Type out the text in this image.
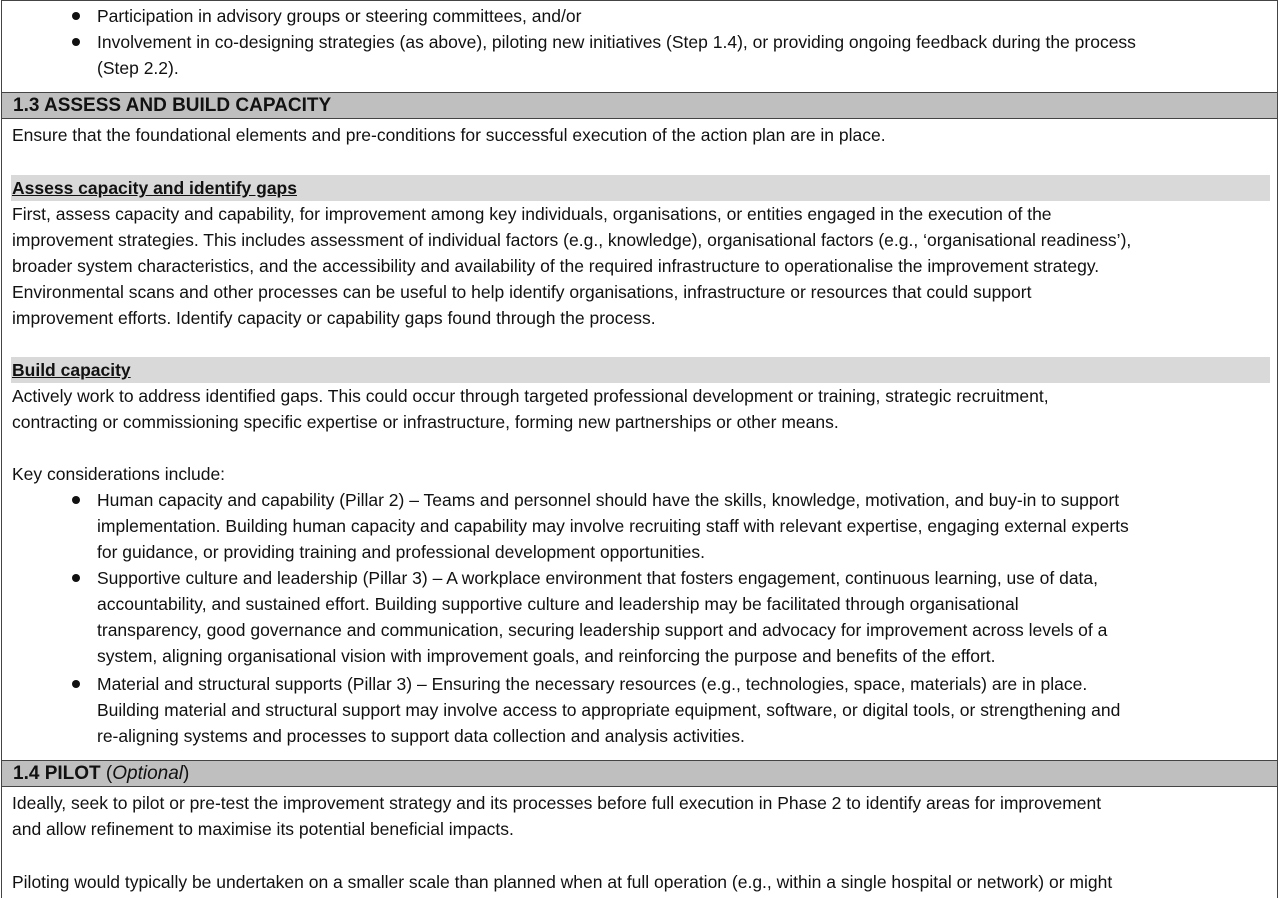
Participation in advisory groups or steering committees, and/or
Involvement in co-designing strategies (as above), piloting new initiatives (Step 1.4), or providing ongoing feedback during the process
(Step 2.2).
1.3 ASSESS AND BUILD CAPACITY
Ensure that the foundational elements and pre-conditions for successful execution of the action plan are in place.
Assess capacity and identify gaps
First, assess capacity and capability, for improvement among key individuals, organisations, or entities engaged in the execution of the
improvement strategies. This includes assessment of individual factors (e.g., knowledge), organisational factors (e.g., ‘organisational readiness’),
broader system characteristics, and the accessibility and availability of the required infrastructure to operationalise the improvement strategy.
Environmental scans and other processes can be useful to help identify organisations, infrastructure or resources that could support
improvement efforts. Identify capacity or capability gaps found through the process.
Build capacity
Actively work to address identified gaps. This could occur through targeted professional development or training, strategic recruitment,
contracting or commissioning specific expertise or infrastructure, forming new partnerships or other means.
Key considerations include:
Human capacity and capability (Pillar 2) – Teams and personnel should have the skills, knowledge, motivation, and buy-in to support
implementation. Building human capacity and capability may involve recruiting staff with relevant expertise, engaging external experts
for guidance, or providing training and professional development opportunities.
Supportive culture and leadership (Pillar 3) – A workplace environment that fosters engagement, continuous learning, use of data,
accountability, and sustained effort. Building supportive culture and leadership may be facilitated through organisational
transparency, good governance and communication, securing leadership support and advocacy for improvement across levels of a
system, aligning organisational vision with improvement goals, and reinforcing the purpose and benefits of the effort.
Material and structural supports (Pillar 3) – Ensuring the necessary resources (e.g., technologies, space, materials) are in place.
Building material and structural support may involve access to appropriate equipment, software, or digital tools, or strengthening and
re-aligning systems and processes to support data collection and analysis activities.
1.4 PILOT (Optional)
Ideally, seek to pilot or pre-test the improvement strategy and its processes before full execution in Phase 2 to identify areas for improvement
and allow refinement to maximise its potential beneficial impacts.
Piloting would typically be undertaken on a smaller scale than planned when at full operation (e.g., within a single hospital or network) or might
